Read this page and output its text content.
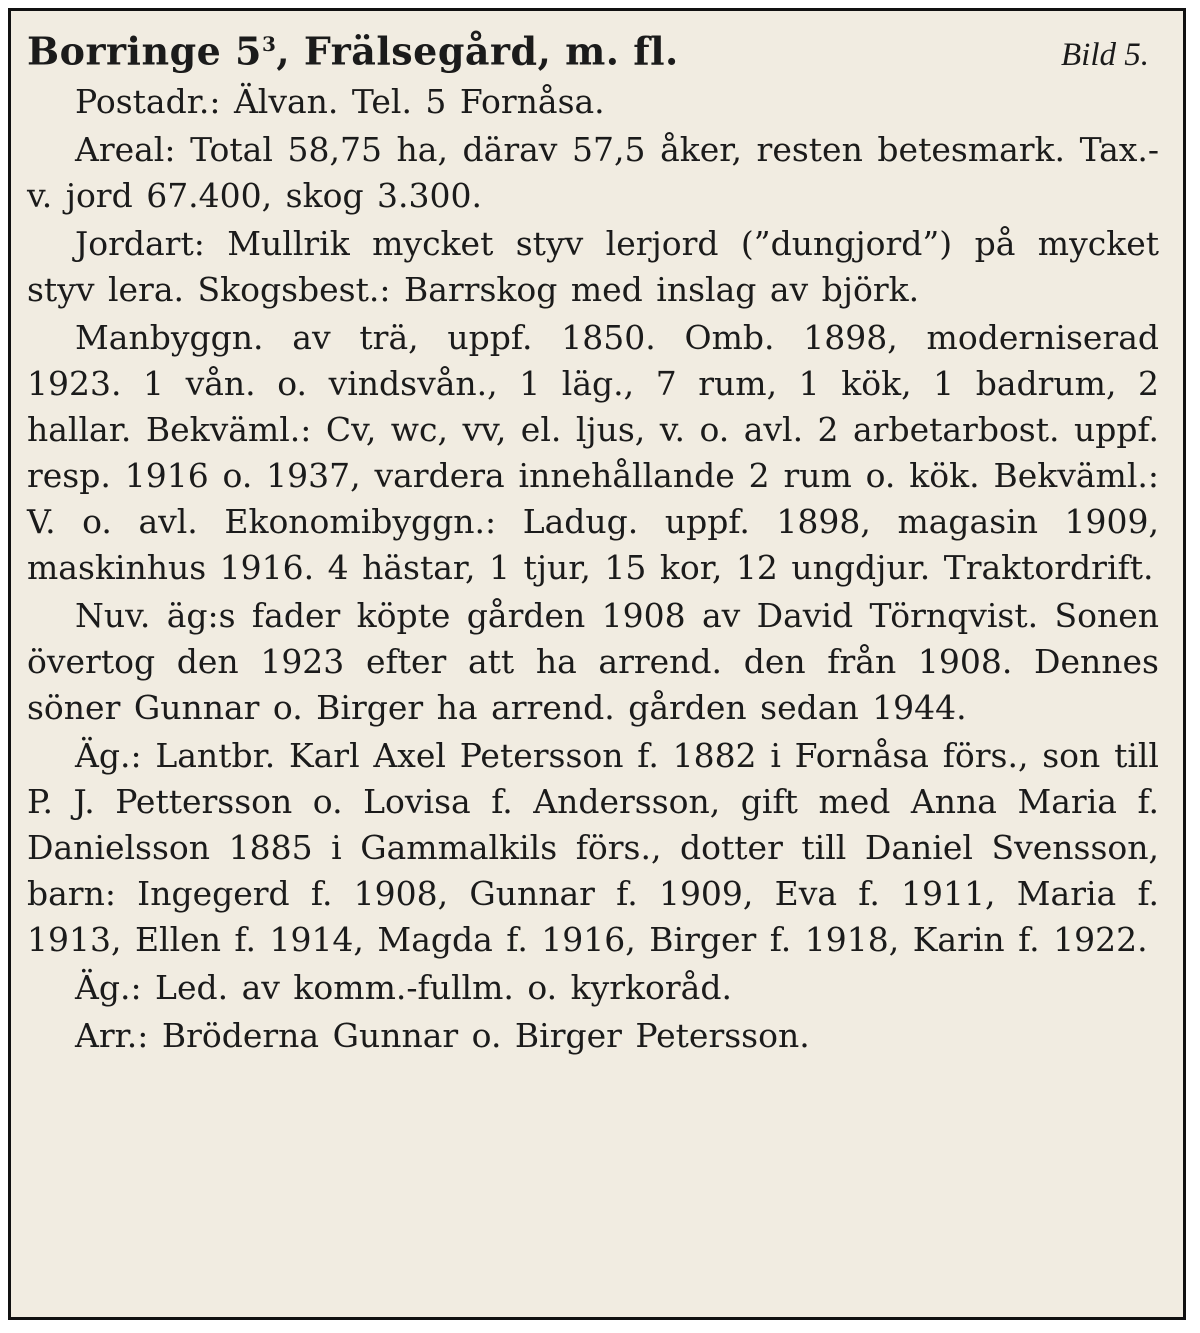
Borringe $5^3$, Frälsegård, m. fl.	Bild 5.

Postadr.: Älvan. Tel. 5 Fornåsa.

Areal: Total 58,75 ha, därav 57,5 åker, resten betesmark. Tax.-v. jord 67.400, skog 3.300.

Jordart: Mullrik mycket styv lerjord (”dungjord”) på mycket styv lera. Skogsbest.: Barrskog med inslag av björk.

Manbyggn. av trä, uppf. 1850. Omb. 1898, moderniserad 1923. 1 vån. o. vindsvån., 1 läg., 7 rum, 1 kök, 1 badrum, 2 hallar. Bekväml.: Cv, wc, vv, el. ljus, v. o. avl. 2 arbetarbost. uppf. resp. 1916 o. 1937, vardera innehållande 2 rum o. kök. Bekväml.: V. o. avl. Ekonomibyggn.: Ladug. uppf. 1898, magasin 1909, maskinhus 1916. 4 hästar, 1 tjur, 15 kor, 12 ungdjur. Traktordrift.

Nuv. äg:s fader köpte gården 1908 av David Törnqvist. Sonen övertog den 1923 efter att ha arrend. den från 1908. Dennes söner Gunnar o. Birger ha arrend. gården sedan 1944.

Äg.: Lantbr. Karl Axel Petersson f. 1882 i Fornåsa förs., son till P. J. Pettersson o. Lovisa f. Andersson, gift med Anna Maria f. Danielsson 1885 i Gammalkils förs., dotter till Daniel Svensson, barn: Ingegerd f. 1908, Gunnar f. 1909, Eva f. 1911, Maria f. 1913, Ellen f. 1914, Magda f. 1916, Birger f. 1918, Karin f. 1922.

Äg.: Led. av komm.-fullm. o. kyrkoråd.

Arr.: Bröderna Gunnar o. Birger Petersson.
